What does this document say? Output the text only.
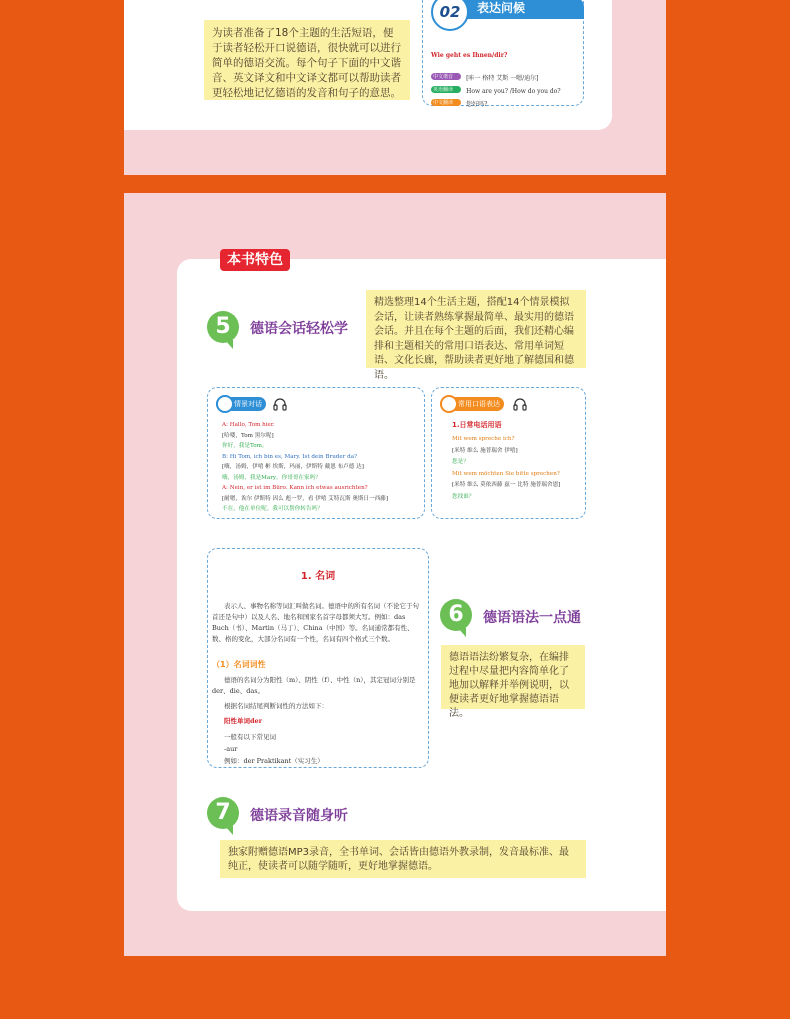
为读者准备了18个主题的生活短语，便于读者轻松开口说德语，很快就可以进行简单的德语交流。每个句子下面的中文谐音、英文译文和中文译文都可以帮助读者更轻松地记忆德语的发音和句子的意思。
02	表达问候
Wie geht es Ihnen/dir?
中文谐音 [咔一 格特 艾斯 一嗯/迪尔]
英语翻译 How are you? /How do you do?
中文翻译 您好吗?
本书特色
5	德语会话轻松学
精选整理14个生活主题，搭配14个情景模拟会话，让读者熟练掌握最简单、最实用的德语会话。并且在每个主题的后面，我们还精心编排和主题相关的常用口语表达、常用单词短语、文化长廊，帮助读者更好地了解德国和德语。
情景对话
A: Hallo, Tom hier.
[哈喽，Tom 黑尔呢]
你好，我是Tom。
B: Hi Tom, ich bin es, Mary. Ist dein Bruder da?
[嗨，汤姆，伊嘻 彬 埃斯，玛丽，伊斯特 戴恩 布卢德 达]
嗨，汤姆，我是Mary。你哥哥在家吗？
A: Nein, er ist im Büro. Kann ich etwas ausrichten?
[耐嗯，诶尔 伊斯特 因么 彪一罗，看 伊嘻 艾特瓦斯 奥斯日一西藤]
不在，他在单位呢。我可以帮你转告吗？
常用口语表达
1.日常电话用语
Mit wem spreche ich?
[米特 维么 施普瑞舍 伊嘻]
您是？
Mit wem möchten Sie bitte sprechen?
[米特 维么 莫依西藤 兹一 比特 施普瑞舍恩]
您找谁？
1. 名词
表示人、事物名称等词汇叫做名词。德语中的所有名词（不论它于句首还是句中）以及人名、地名和国家名首字母都须大写。例如：das Buch（书）、Martin（马丁）、China（中国）等。名词通常都有性、数、格的变化，大部分名词有一个性，名词有四个格式三个数。
（1）名词词性
德语的名词分为阳性（m）、阴性（f）、中性（n），其定冠词分别是der、die、das。
根据名词结尾判断词性的方法如下：
阳性单词der
一般有以下常见词
-aur
例如：der Praktikant（实习生）
6	德语语法一点通
德语语法纷繁复杂，在编排过程中尽量把内容简单化了地加以解释并举例说明，以便读者更好地掌握德语语法。
7	德语录音随身听
独家附赠德语MP3录音，全书单词、会话皆由德语外教录制，发音最标准、最纯正，使读者可以随学随听，更好地掌握德语。
